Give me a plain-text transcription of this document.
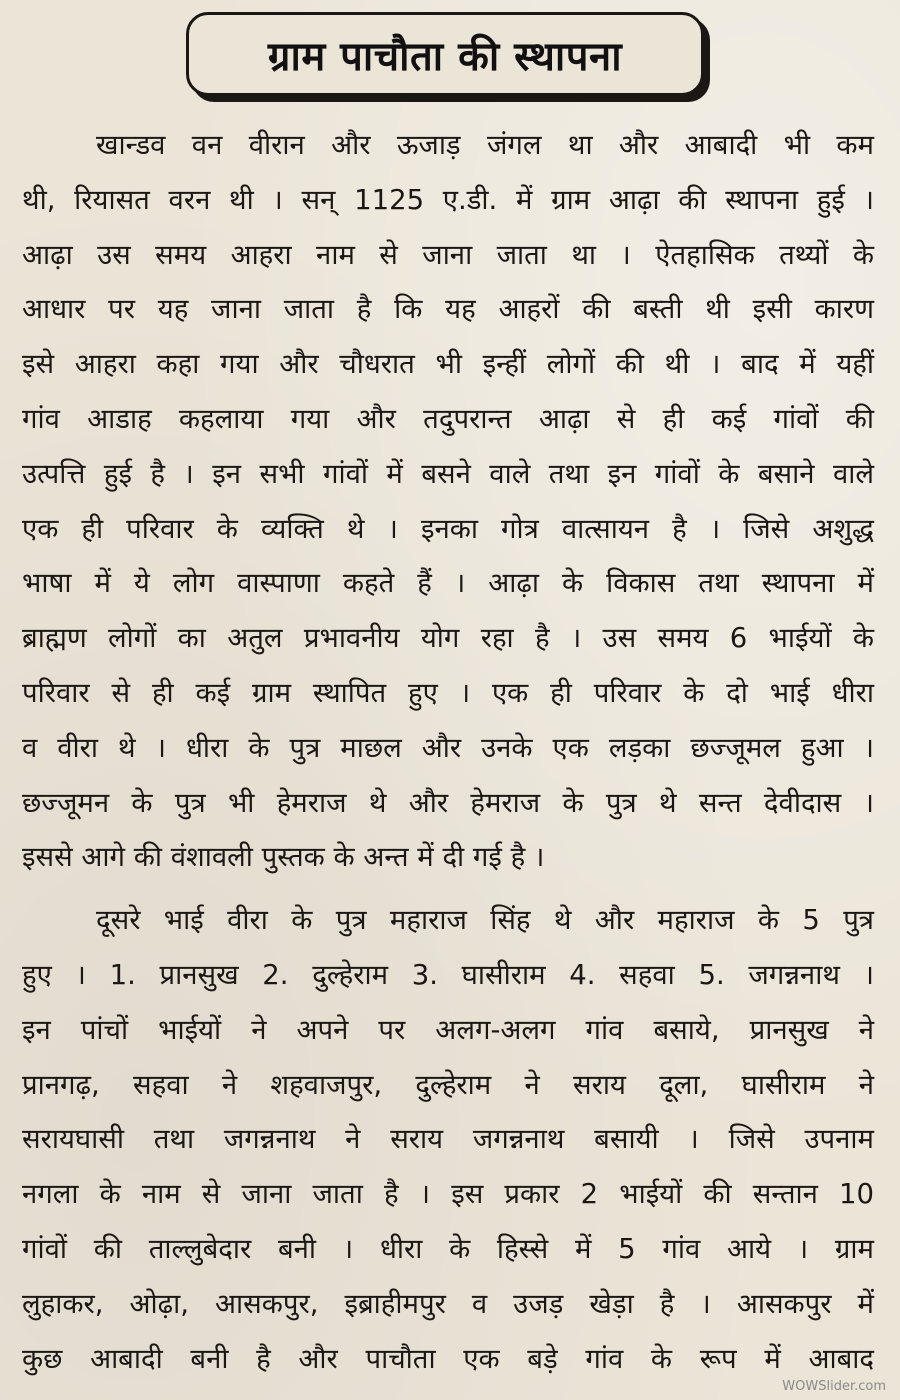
ग्राम पाचौता की स्थापना
खान्डव वन वीरान और ऊजाड़ जंगल था और आबादी भी कम
थी, रियासत वरन थी । सन् 1125 ए.डी. में ग्राम आढ़ा की स्थापना हुई ।
आढ़ा उस समय आहरा नाम से जाना जाता था । ऐतहासिक तथ्यों के
आधार पर यह जाना जाता है कि यह आहरों की बस्ती थी इसी कारण
इसे आहरा कहा गया और चौधरात भी इन्हीं लोगों की थी । बाद में यहीं
गांव आडाह कहलाया गया और तदुपरान्त आढ़ा से ही कई गांवों की
उत्पत्ति हुई है । इन सभी गांवों में बसने वाले तथा इन गांवों के बसाने वाले
एक ही परिवार के व्यक्ति थे । इनका गोत्र वात्सायन है । जिसे अशुद्ध
भाषा में ये लोग वास्पाणा कहते हैं । आढ़ा के विकास तथा स्थापना में
ब्राह्मण लोगों का अतुल प्रभावनीय योग रहा है । उस समय 6 भाईयों के
परिवार से ही कई ग्राम स्थापित हुए । एक ही परिवार के दो भाई धीरा
व वीरा थे । धीरा के पुत्र माछल और उनके एक लड़का छज्जूमल हुआ ।
छज्जूमन के पुत्र भी हेमराज थे और हेमराज के पुत्र थे सन्त देवीदास ।
इससे आगे की वंशावली पुस्तक के अन्त में दी गई है ।
दूसरे भाई वीरा के पुत्र महाराज सिंह थे और महाराज के 5 पुत्र
हुए । 1. प्रानसुख 2. दुल्हेराम 3. घासीराम 4. सहवा 5. जगन्ननाथ ।
इन पांचों भाईयों ने अपने पर अलग-अलग गांव बसाये, प्रानसुख ने
प्रानगढ़, सहवा ने शहवाजपुर, दुल्हेराम ने सराय दूला, घासीराम ने
सरायघासी तथा जगन्ननाथ ने सराय जगन्ननाथ बसायी । जिसे उपनाम
नगला के नाम से जाना जाता है । इस प्रकार 2 भाईयों की सन्तान 10
गांवों की ताल्लुबेदार बनी । धीरा के हिस्से में 5 गांव आये । ग्राम
लुहाकर, ओढ़ा, आसकपुर, इब्राहीमपुर व उजड़ खेड़ा है । आसकपुर में
कुछ आबादी बनी है और पाचौता एक बड़े गांव के रूप में आबाद
WOWSlider.com
